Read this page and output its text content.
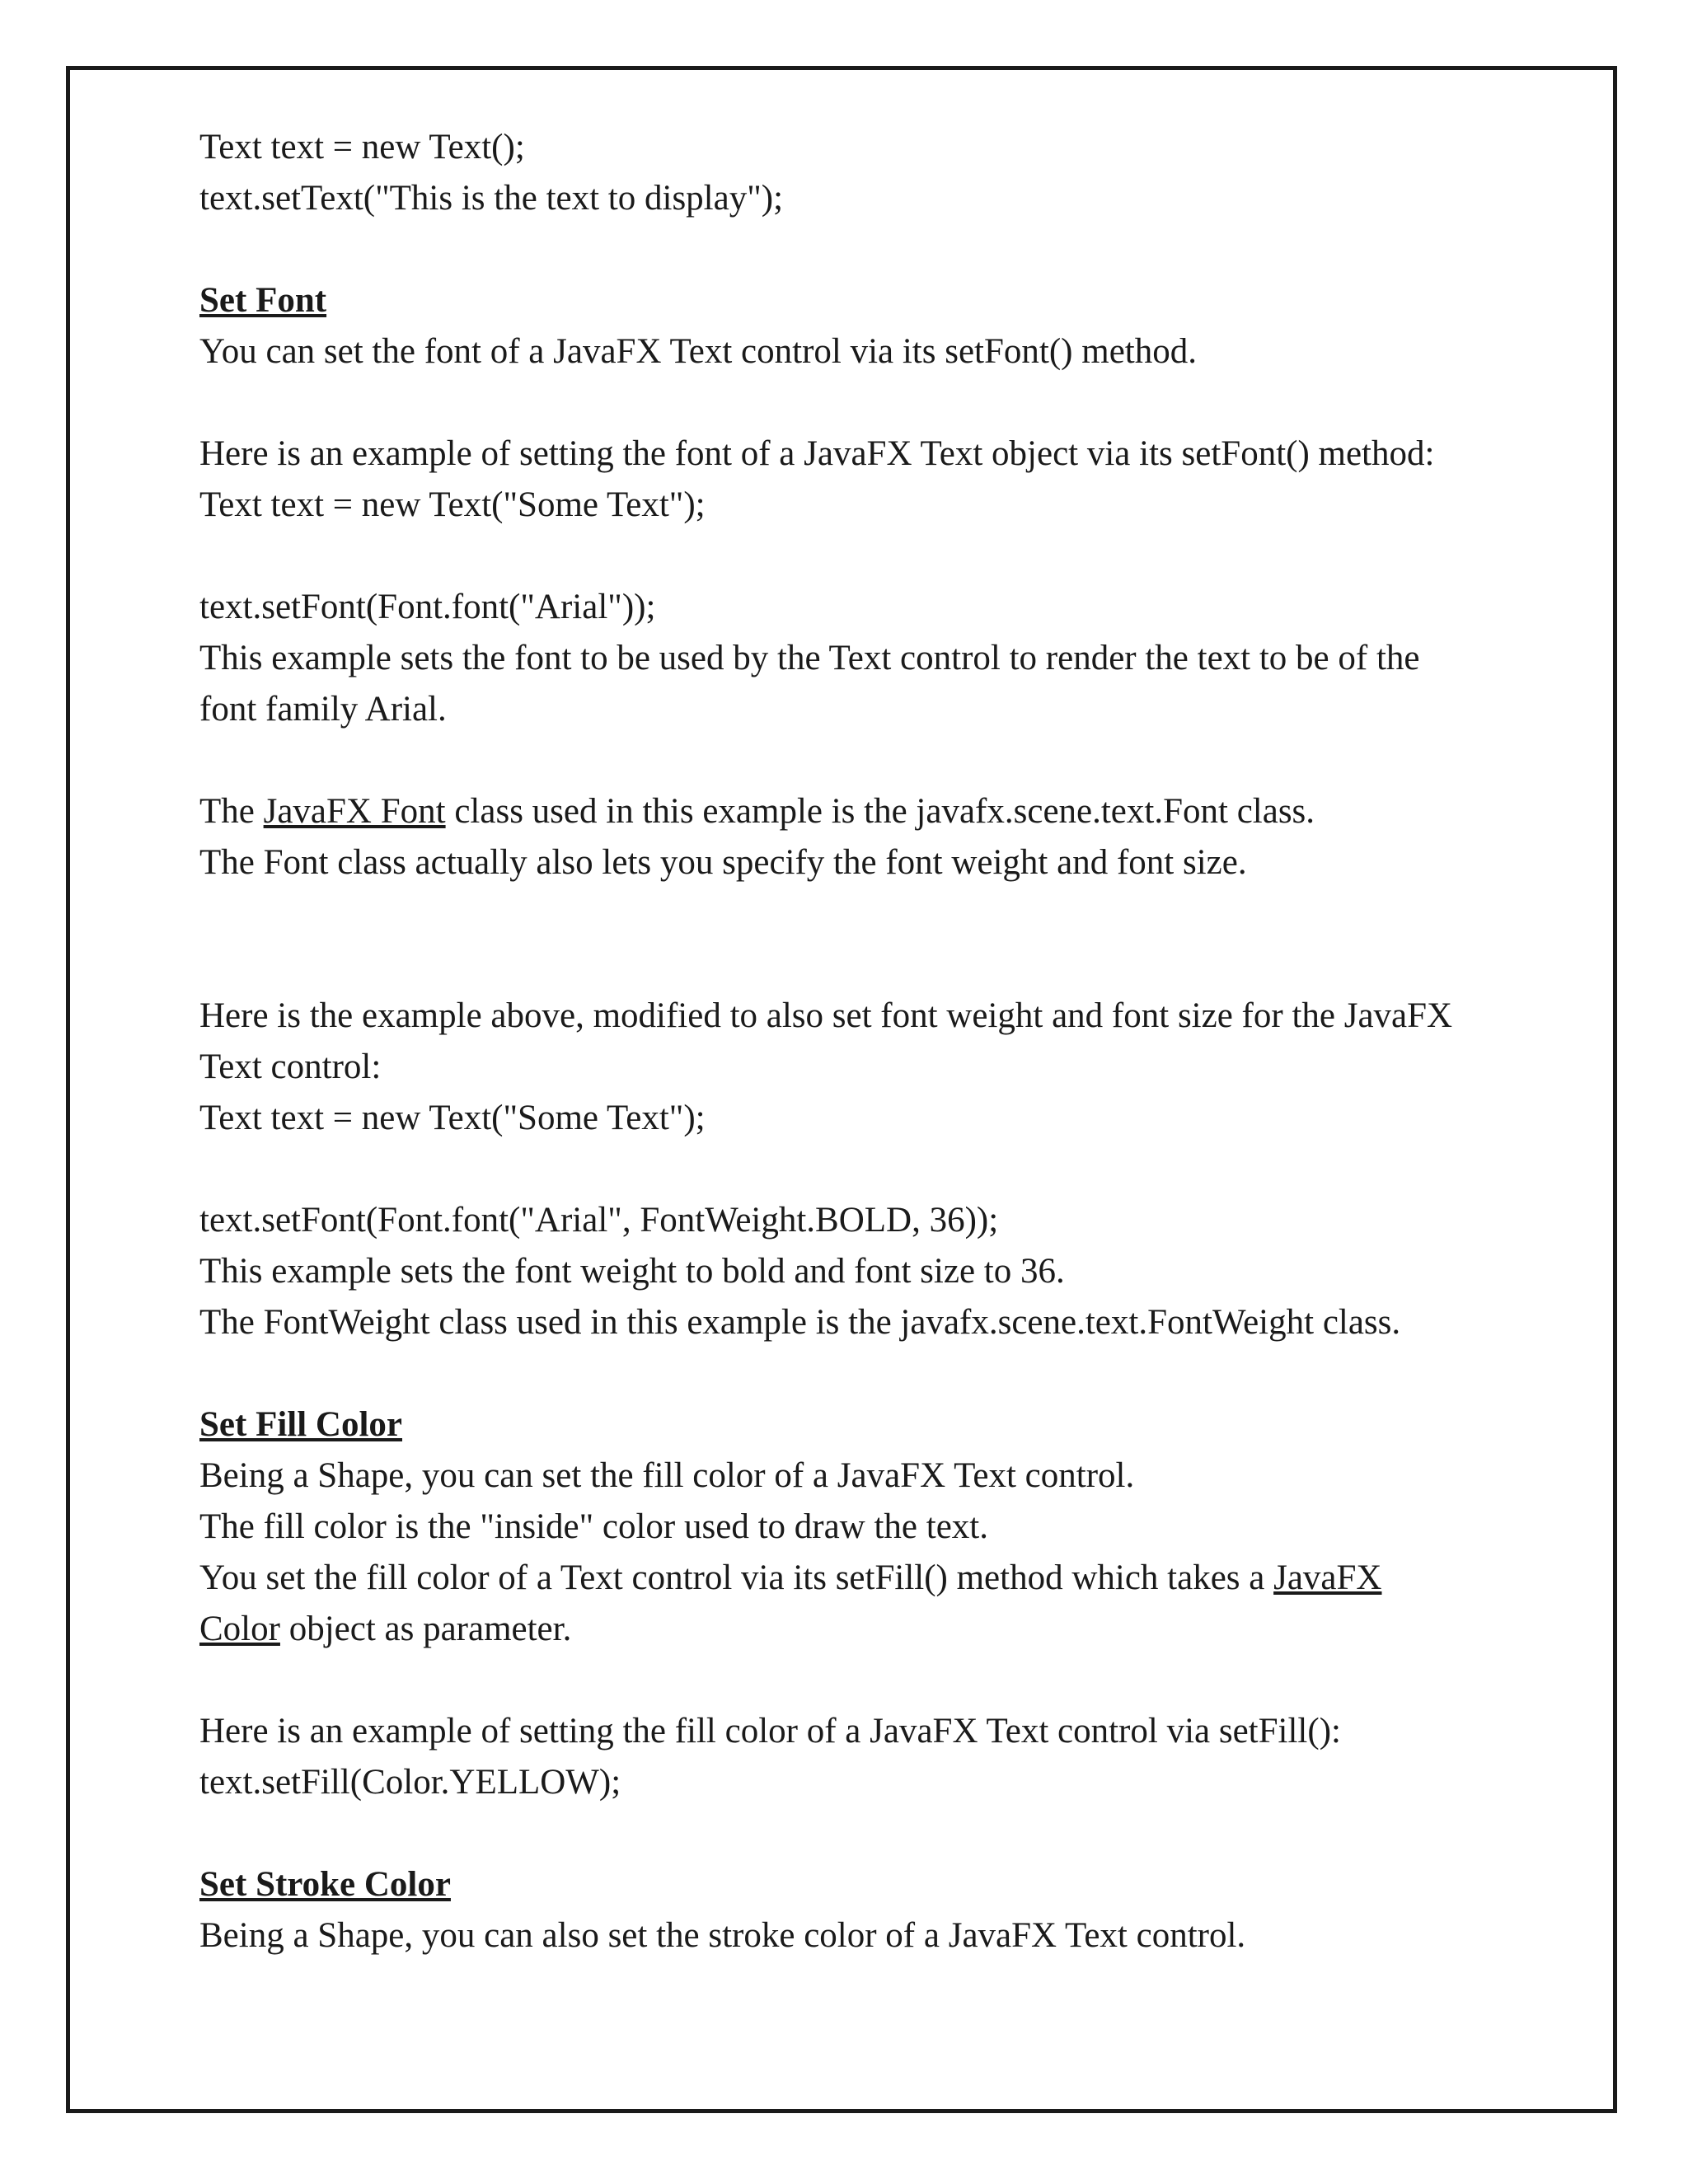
Text text = new Text();
text.setText("This is the text to display");
Set Font
You can set the font of a JavaFX Text control via its setFont() method.
Here is an example of setting the font of a JavaFX Text object via its setFont() method:
Text text = new Text("Some Text");
text.setFont(Font.font("Arial"));
This example sets the font to be used by the Text control to render the text to be of the
font family Arial.
The JavaFX Font class used in this example is the javafx.scene.text.Font class.
The Font class actually also lets you specify the font weight and font size.
Here is the example above, modified to also set font weight and font size for the JavaFX
Text control:
Text text = new Text("Some Text");
text.setFont(Font.font("Arial", FontWeight.BOLD, 36));
This example sets the font weight to bold and font size to 36.
The FontWeight class used in this example is the javafx.scene.text.FontWeight class.
Set Fill Color
Being a Shape, you can set the fill color of a JavaFX Text control.
The fill color is the "inside" color used to draw the text.
You set the fill color of a Text control via its setFill() method which takes a JavaFX
Color object as parameter.
Here is an example of setting the fill color of a JavaFX Text control via setFill():
text.setFill(Color.YELLOW);
Set Stroke Color
Being a Shape, you can also set the stroke color of a JavaFX Text control.
